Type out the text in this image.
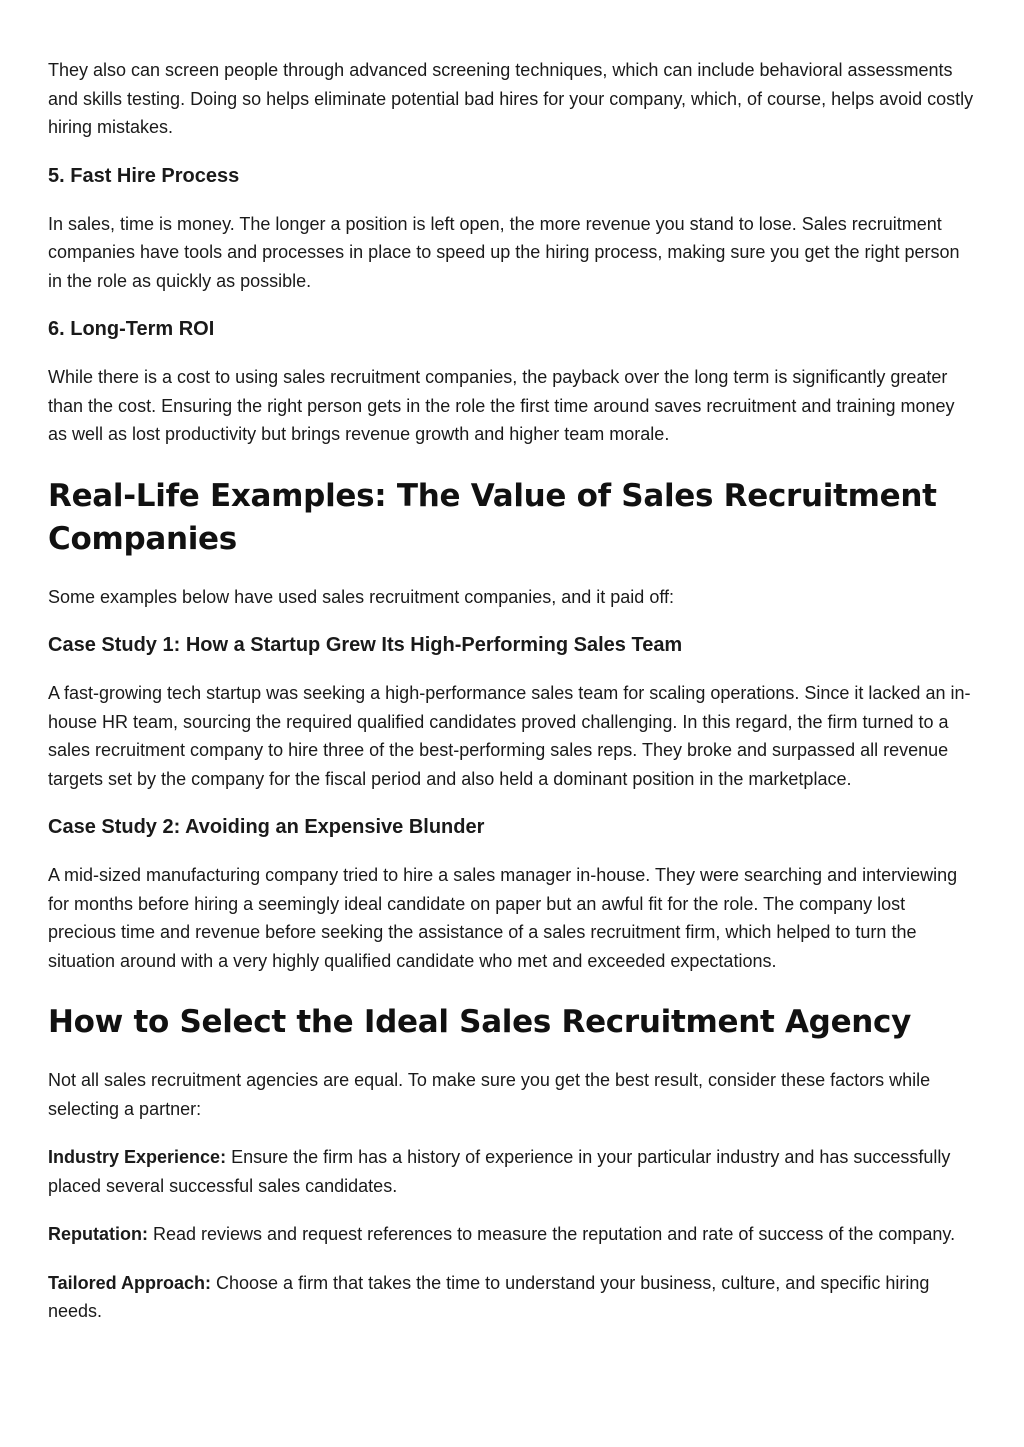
They also can screen people through advanced screening techniques, which can include behavioral assessments and skills testing. Doing so helps eliminate potential bad hires for your company, which, of course, helps avoid costly hiring mistakes.

5. Fast Hire Process

In sales, time is money. The longer a position is left open, the more revenue you stand to lose. Sales recruitment companies have tools and processes in place to speed up the hiring process, making sure you get the right person in the role as quickly as possible.

6. Long-Term ROI

While there is a cost to using sales recruitment companies, the payback over the long term is significantly greater than the cost. Ensuring the right person gets in the role the first time around saves recruitment and training money as well as lost productivity but brings revenue growth and higher team morale.

Real-Life Examples: The Value of Sales Recruitment Companies

Some examples below have used sales recruitment companies, and it paid off:

Case Study 1: How a Startup Grew Its High-Performing Sales Team

A fast-growing tech startup was seeking a high-performance sales team for scaling operations. Since it lacked an in-house HR team, sourcing the required qualified candidates proved challenging. In this regard, the firm turned to a sales recruitment company to hire three of the best-performing sales reps. They broke and surpassed all revenue targets set by the company for the fiscal period and also held a dominant position in the marketplace.

Case Study 2: Avoiding an Expensive Blunder

A mid-sized manufacturing company tried to hire a sales manager in-house. They were searching and interviewing for months before hiring a seemingly ideal candidate on paper but an awful fit for the role. The company lost precious time and revenue before seeking the assistance of a sales recruitment firm, which helped to turn the situation around with a very highly qualified candidate who met and exceeded expectations.

How to Select the Ideal Sales Recruitment Agency

Not all sales recruitment agencies are equal. To make sure you get the best result, consider these factors while selecting a partner:

Industry Experience: Ensure the firm has a history of experience in your particular industry and has successfully placed several successful sales candidates.

Reputation: Read reviews and request references to measure the reputation and rate of success of the company.

Tailored Approach: Choose a firm that takes the time to understand your business, culture, and specific hiring needs.
